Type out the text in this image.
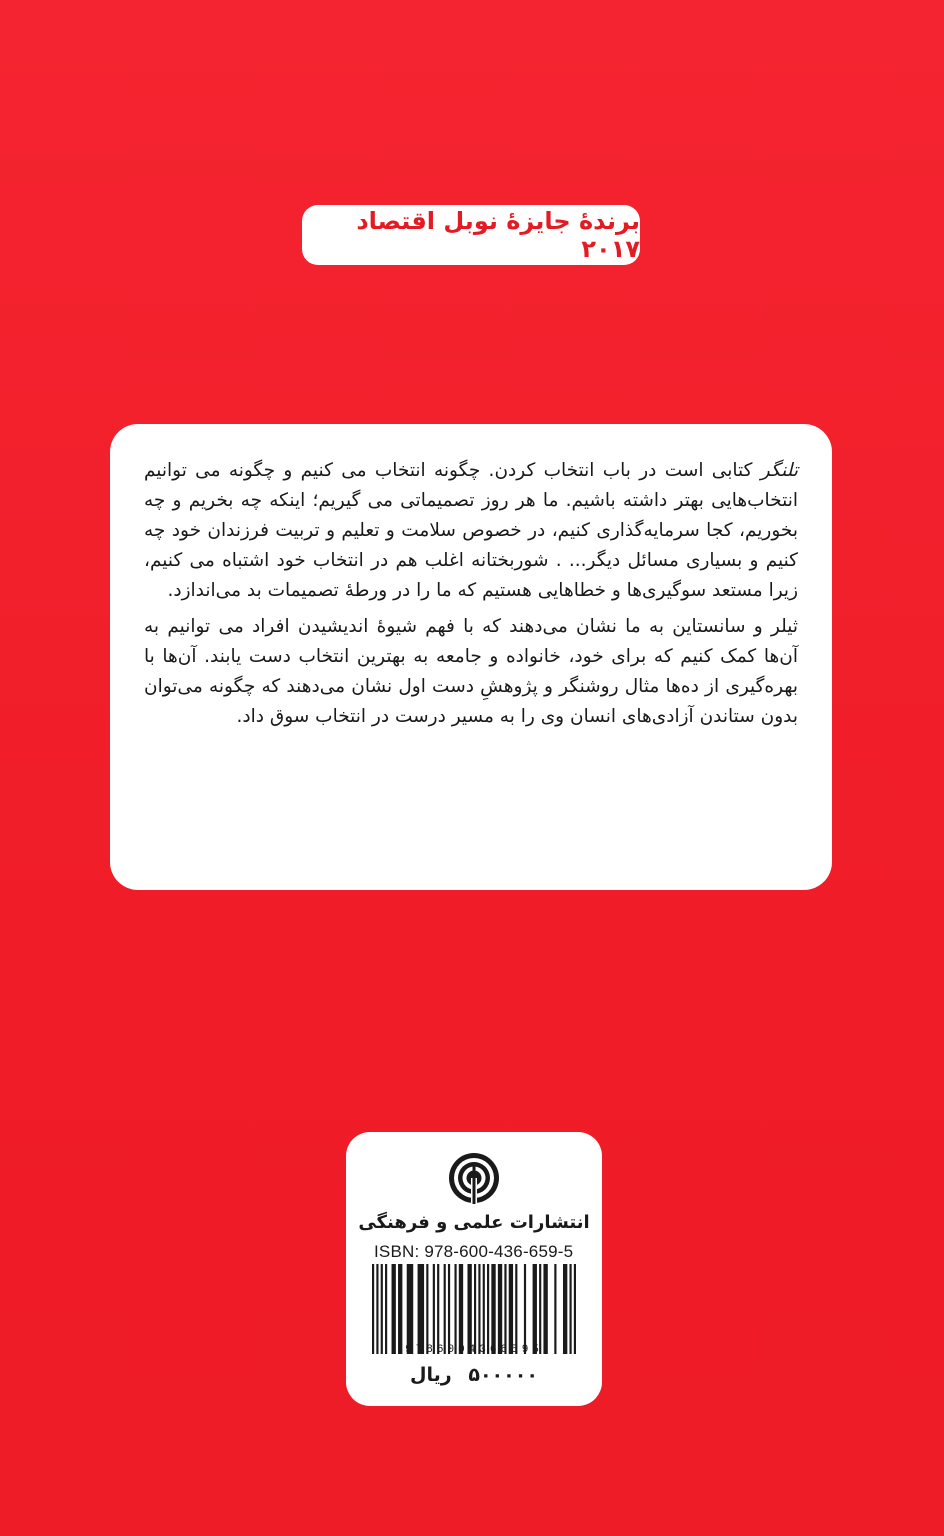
برندهٔ جایزهٔ نوبل اقتصاد ۲۰۱۷

تلنگر کتابی است در باب انتخاب کردن. چگونه انتخاب می کنیم و چگونه می توانیم انتخاب‌هایی بهتر داشته باشیم. ما هر روز تصمیماتی می گیریم؛ اینکه چه بخریم و چه بخوریم، کجا سرمایه‌گذاری کنیم، در خصوص سلامت و تعلیم و تربیت فرزندان خود چه کنیم و بسیاری مسائل دیگر... . شوربختانه اغلب هم در انتخاب خود اشتباه می کنیم، زیرا مستعد سوگیری‌ها و خطاهایی هستیم که ما را در ورطهٔ تصمیمات بد می‌اندازد.

ثیلر و سانستاین به ما نشان می‌دهند که با فهم شیوهٔ اندیشیدن افراد می توانیم به آن‌ها کمک کنیم که برای خود، خانواده و جامعه به بهترین انتخاب دست یابند. آن‌ها با بهره‌گیری از ده‌ها مثال روشنگر و پژوهشِ دست اول نشان می‌دهند که چگونه می‌توان بدون ستاندن آزادی‌های انسان وی را به مسیر درست در انتخاب سوق داد.

انتشارات علمی و فرهنگی
ISBN: 978-600-436-659-5
9786004366595
۵۰۰۰۰۰ ریال
